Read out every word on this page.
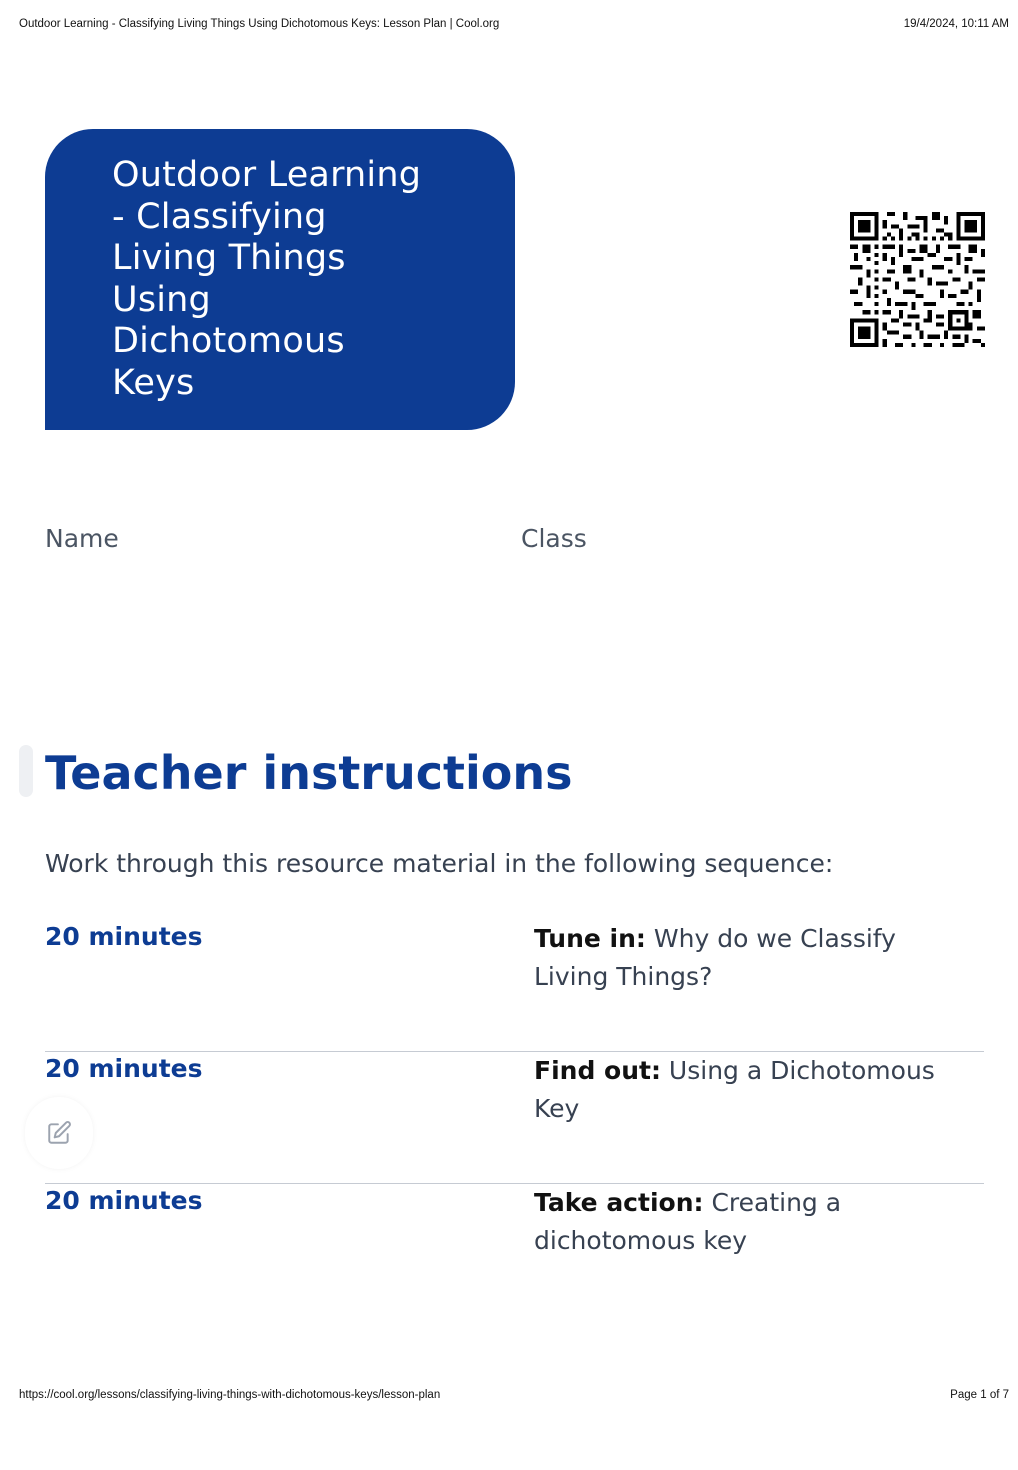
Outdoor Learning - Classifying Living Things Using Dichotomous Keys: Lesson Plan | Cool.org	19/4/2024, 10:11 AM
Outdoor Learning
- Classifying
Living Things
Using
Dichotomous
Keys
Name	Class
Teacher instructions

Work through this resource material in the following sequence:

20 minutes	Tune in: Why do we Classify Living Things?
20 minutes	Find out: Using a Dichotomous Key
20 minutes	Take action: Creating a dichotomous key
https://cool.org/lessons/classifying-living-things-with-dichotomous-keys/lesson-plan	Page 1 of 7
